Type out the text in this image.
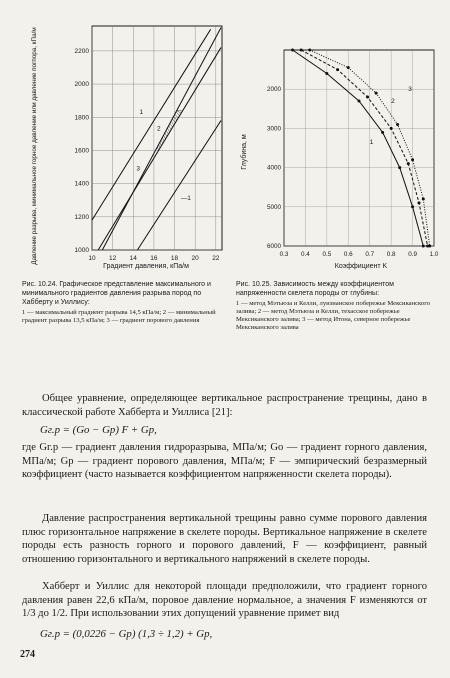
10 12 14 16 18 20 22
2200
2000
1800
1600
1400
1200
1000
1
2
3
—1
Давление разрыва, минимальное горное давление или давление погпора, кПа/м
Градиент давления, кПа/м
0.3 0.4 0.5 0.6 0.7 0.8 0.9 1.0
2000
3000
4000
5000
6000
1
2
3
Глубина, м
Коэффициент K
Рис. 10.24. Графическое представление максимального и минимального градиентов давления разрыва пород по Хабберту и Уиллису:
1 — максимальный градиент разрыва 14,5 кПа/м; 2 — минимальный градиент разрыва 13,5 кПа/м; 3 — градиент порового давления
Рис. 10.25. Зависимость между коэффициентом напряженности скелета породы от глубины:
1 — метод Мэтьюза и Келли, луизианское побережье Мексиканского залива; 2 — метод Мэтьюза и Келли, техасское побережье Мексиканского залива; 3 — метод Итона, северное побережье Мексиканского залива

Общее уравнение, определяющее вертикальное распространение трещины, дано в классической работе Хабберта и Уиллиса [21]:

Gг.р = (Gо − Gр) F + Gр,

где Gг.р — градиент давления гидроразрыва, МПа/м; Gо — градиент горного давления, МПа/м; Gр — градиент порового давления, МПа/м; F — эмпирический безразмерный коэффициент (часто называется коэффициентом напряженности скелета породы).

Давление распространения вертикальной трещины равно сумме порового давления плюс горизонтальное напряжение в скелете породы. Вертикальное напряжение в скелете породы есть разность горного и порового давлений, F — коэффициент, равный отношению горизонтального и вертикального напряжений в скелете породы.

Хабберт и Уиллис для некоторой площади предположили, что градиент горного давления равен 22,6 кПа/м, поровое давление нормальное, а значения F изменяются от 1/3 до 1/2. При использовании этих допущений уравнение примет вид

Gг.р = (0,0226 − Gр) (1,3 ÷ 1,2) + Gр,
274
